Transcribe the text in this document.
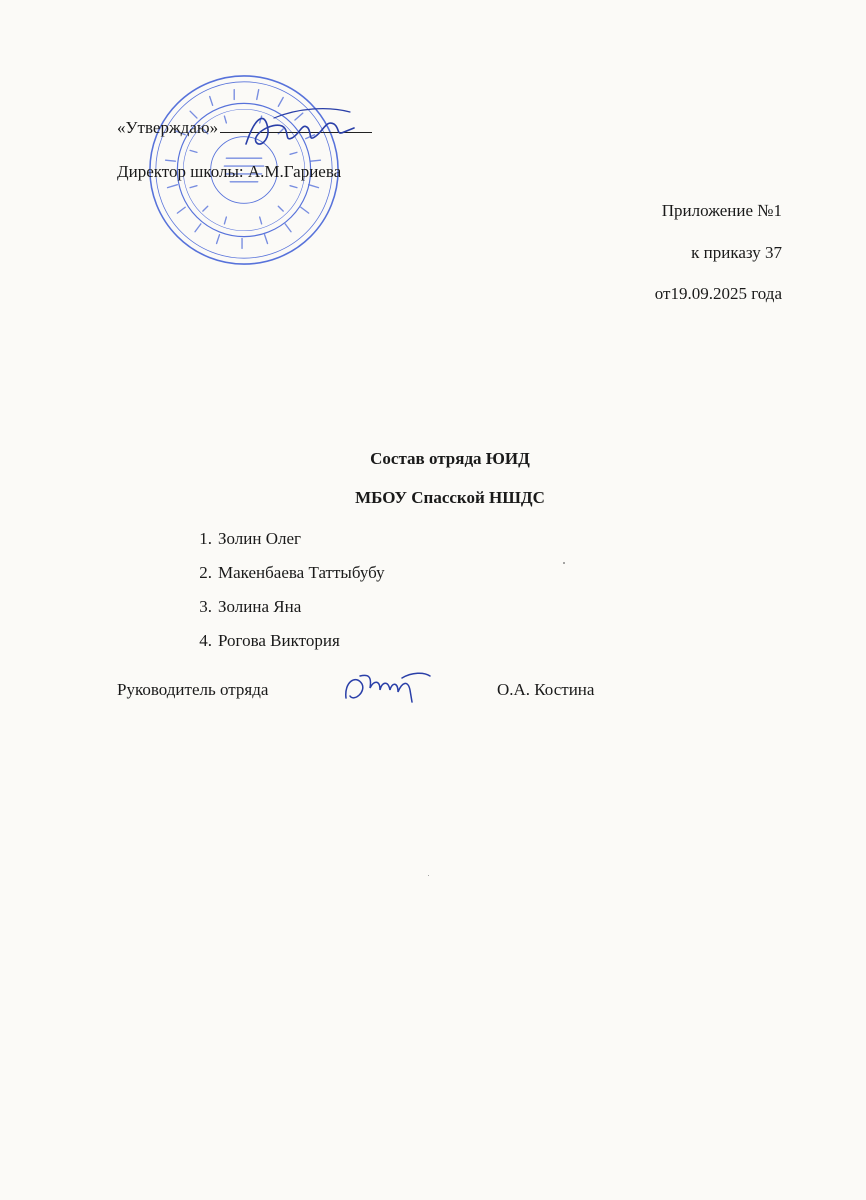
«Утверждаю»
Директор школы: А.М.Гариева
Приложение №1
к приказу 37
от19.09.2025 года
Состав отряда ЮИД
МБОУ Спасской НШДС
1. Золин Олег
2. Макенбаева Таттыбубу
3. Золина Яна
4. Рогова Виктория
Руководитель отряда	О.А. Костина
